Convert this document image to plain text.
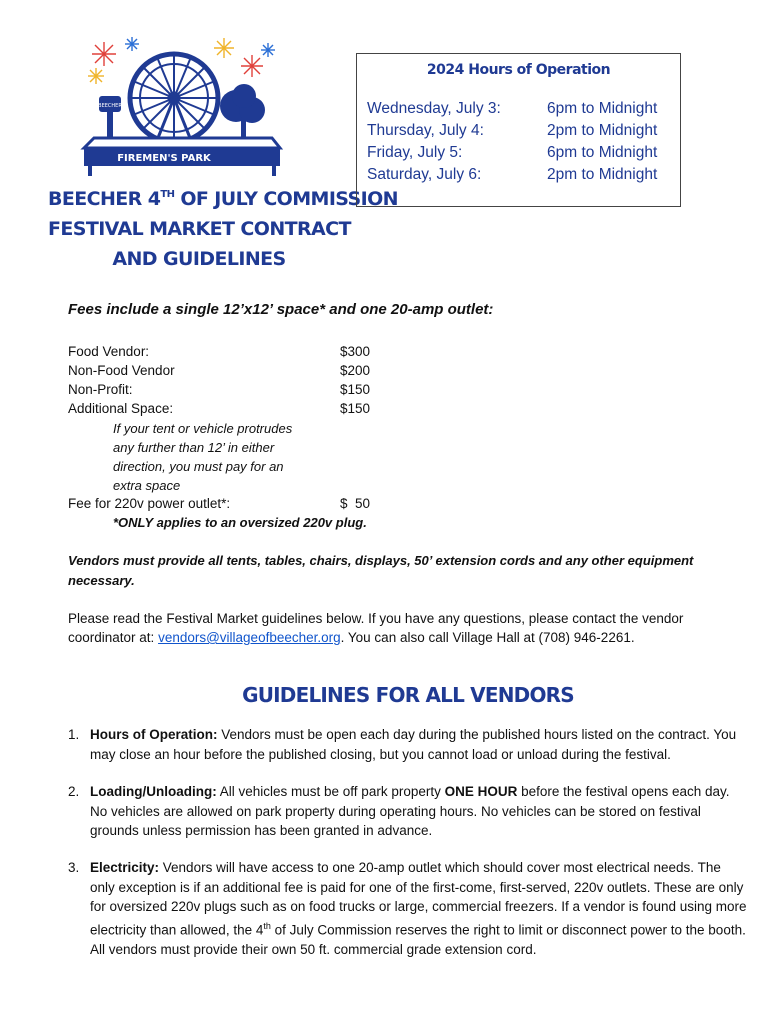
BEECHER
FIREMEN'S PARK
BEECHER 4TH OF JULY COMMISSION
FESTIVAL MARKET CONTRACT
AND GUIDELINES
2024 Hours of Operation
Wednesday, July 3:	6pm to Midnight
Thursday, July 4:	2pm to Midnight
Friday, July 5:	6pm to Midnight
Saturday, July 6:	2pm to Midnight
Fees include a single 12’x12’ space* and one 20-amp outlet:
Food Vendor:	$300
Non-Food Vendor	$200
Non-Profit:	$150
Additional Space:	$150
If your tent or vehicle protrudes any further than 12’ in either direction, you must pay for an extra space
Fee for 220v power outlet*:	$  50
*ONLY applies to an oversized 220v plug.
Vendors must provide all tents, tables, chairs, displays, 50’ extension cords and any other equipment necessary.
Please read the Festival Market guidelines below. If you have any questions, please contact the vendor coordinator at: vendors@villageofbeecher.org. You can also call Village Hall at (708) 946-2261.
GUIDELINES FOR ALL VENDORS
1. Hours of Operation: Vendors must be open each day during the published hours listed on the contract. You may close an hour before the published closing, but you cannot load or unload during the festival.
2. Loading/Unloading: All vehicles must be off park property ONE HOUR before the festival opens each day. No vehicles are allowed on park property during operating hours. No vehicles can be stored on festival grounds unless permission has been granted in advance.
3. Electricity: Vendors will have access to one 20-amp outlet which should cover most electrical needs. The only exception is if an additional fee is paid for one of the first-come, first-served, 220v outlets. These are only for oversized 220v plugs such as on food trucks or large, commercial freezers. If a vendor is found using more electricity than allowed, the 4th of July Commission reserves the right to limit or disconnect power to the booth. All vendors must provide their own 50 ft. commercial grade extension cord.
